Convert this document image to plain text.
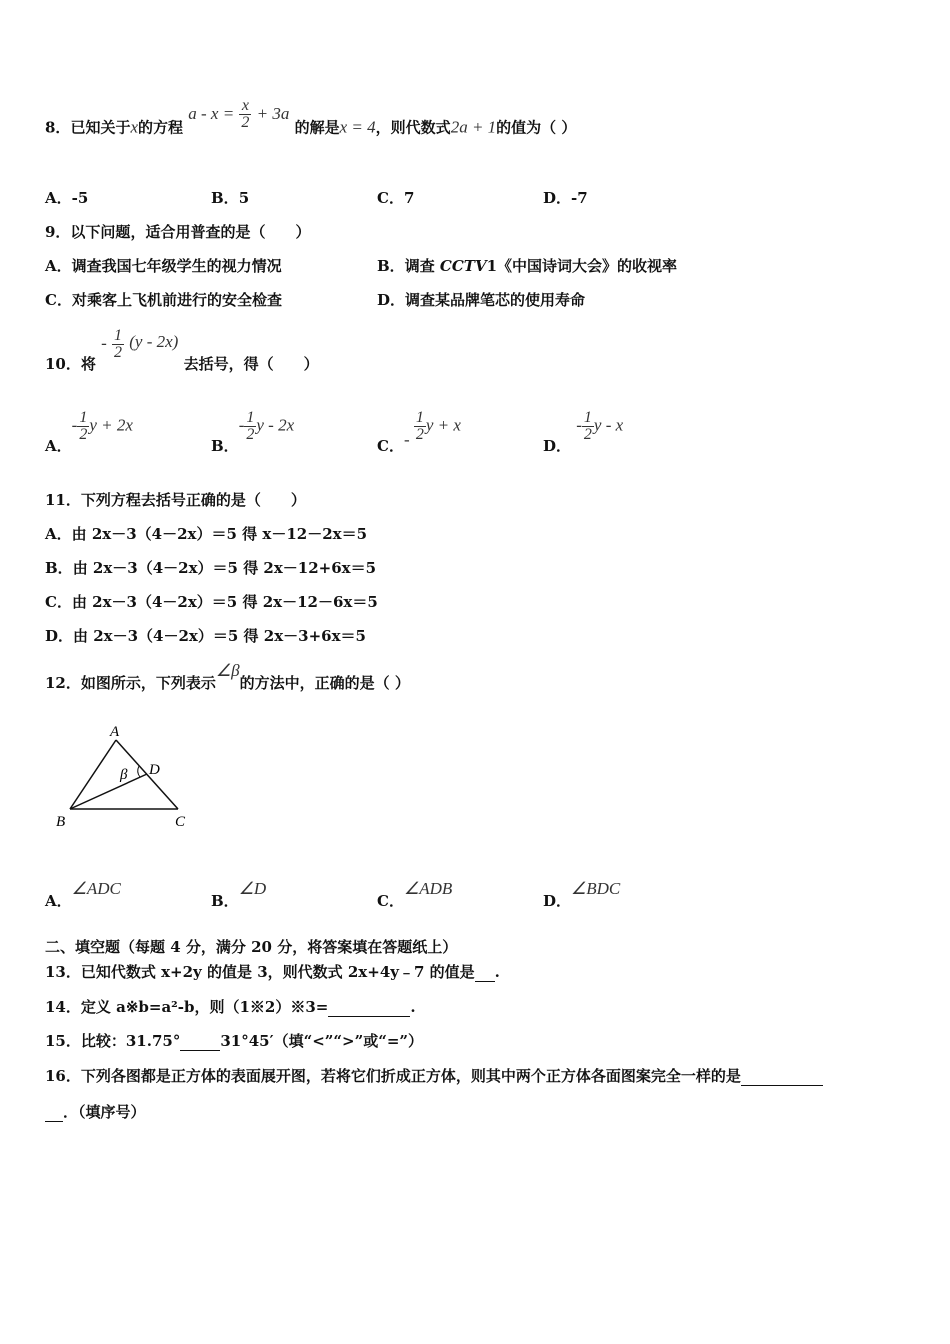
8．已知关于x的方程 $a - x = \frac{x}{2} + 3a$ 的解是x = 4，则代数式2a + 1的值为（ ）
A．-5	B．5	C．7	D．-7
9．以下问题，适合用普查的是（　　）
A．调查我国七年级学生的视力情况	B．调查 CCTV1《中国诗词大会》的收视率
C．对乘客上飞机前进行的安全检查	D．调查某品牌笔芯的使用寿命
10．将 - $\frac{1}{2} (y - 2x)$ 去括号，得（　　）
A．- $\frac{1}{2}$ y + 2x
B．- $\frac{1}{2}$ y - 2x
C．- $\frac{1}{2}$ y + x
D． - $\frac{1}{2}$ y - x
11．下列方程去括号正确的是（　　）
A．由 2x－3（4－2x）＝5 得 x－12－2x＝5
B．由 2x－3（4－2x）＝5 得 2x－12+6x＝5
C．由 2x－3（4－2x）＝5 得 2x－12－6x＝5
D．由 2x－3（4－2x）＝5 得 2x－3+6x＝5
12．如图所示，下列表示∠β的方法中，正确的是（ ）
A
B	C
D
β
A．∠ADC
B．∠D
C．∠ADB
D．∠BDC
二、填空题（每题 4 分，满分 20 分，将答案填在答题纸上）
13．已知代数式 x+2y 的值是 3，则代数式 2x+4y﹣7 的值是 .
14．定义 a※b=a²-b，则（1※2）※3=	.
15．比较：31.75°	31°45′（填“<”“>”或“=”）
16．下列各图都是正方体的表面展开图，若将它们折成正方体，则其中两个正方体各面图案完全一样的是
．（填序号）
